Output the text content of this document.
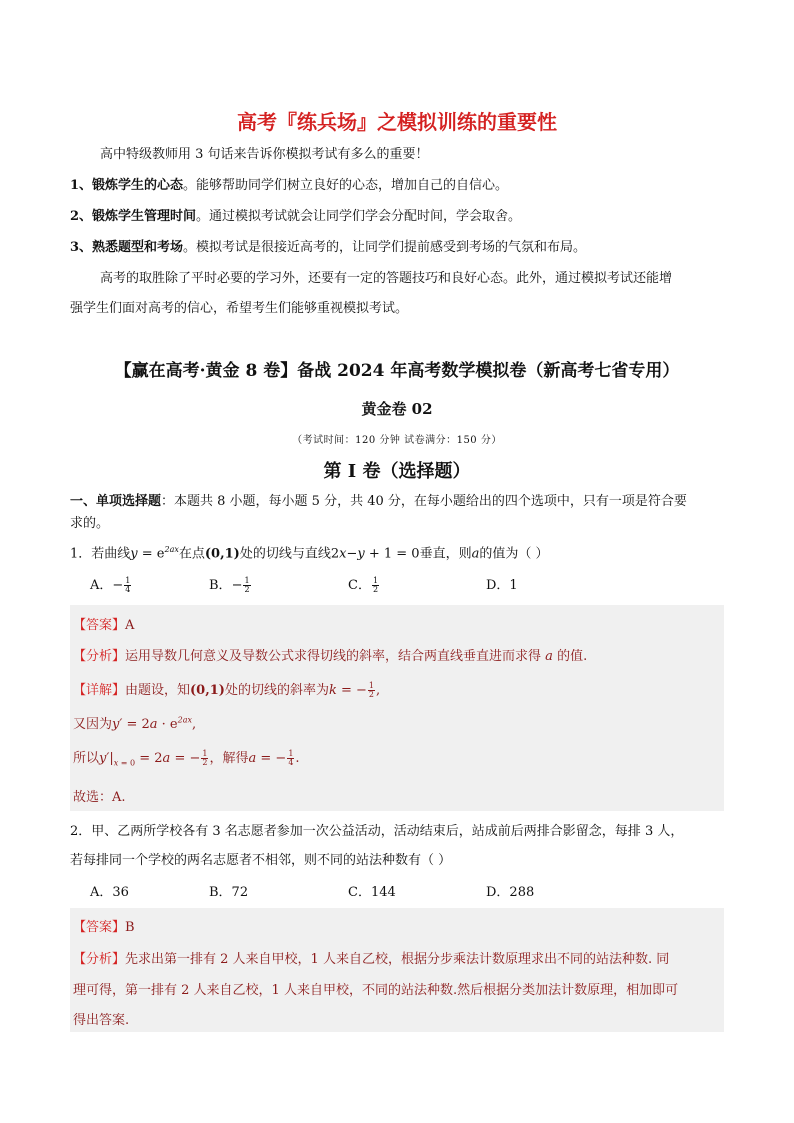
高考『练兵场』之模拟训练的重要性
高中特级教师用 3 句话来告诉你模拟考试有多么的重要！
1、锻炼学生的心态。能够帮助同学们树立良好的心态，增加自己的自信心。
2、锻炼学生管理时间。通过模拟考试就会让同学们学会分配时间，学会取舍。
3、熟悉题型和考场。模拟考试是很接近高考的，让同学们提前感受到考场的气氛和布局。
高考的取胜除了平时必要的学习外，还要有一定的答题技巧和良好心态。此外，通过模拟考试还能增
强学生们面对高考的信心，希望考生们能够重视模拟考试。
【赢在高考·黄金 8 卷】备战 2024 年高考数学模拟卷（新高考七省专用）
黄金卷 02
（考试时间：120 分钟 试卷满分：150 分）
第 I 卷（选择题）
一、单项选择题：本题共 8 小题，每小题 5 分，共 40 分，在每小题给出的四个选项中，只有一项是符合要
求的。
1．若曲线$y = e^{2ax}$在点(0,1)处的切线与直线2x−y + 1 = 0垂直，则a的值为（ ）
A．− $\frac{1}{4}$	B．− $\frac{1}{2}$	C． $\frac{1}{2}$	D．1
【答案】A
【分析】运用导数几何意义及导数公式求得切线的斜率，结合两直线垂直进而求得 a 的值.
【详解】由题设，知(0,1)处的切线的斜率为k = − $\frac{1}{2}$ ,
又因为$y' = 2a \cdot e^{2ax}$,
所以$y'|_{x = 0} = 2a$ = − $\frac{1}{2}$ ，解得a = − $\frac{1}{4}$ .
故选：A.
2．甲、乙两所学校各有 3 名志愿者参加一次公益活动，活动结束后，站成前后两排合影留念，每排 3 人，
若每排同一个学校的两名志愿者不相邻，则不同的站法种数有（ ）
A．36	B．72	C．144	D．288
【答案】B
【分析】先求出第一排有 2 人来自甲校，1 人来自乙校，根据分步乘法计数原理求出不同的站法种数. 同
理可得，第一排有 2 人来自乙校，1 人来自甲校，不同的站法种数.然后根据分类加法计数原理，相加即可
得出答案.
